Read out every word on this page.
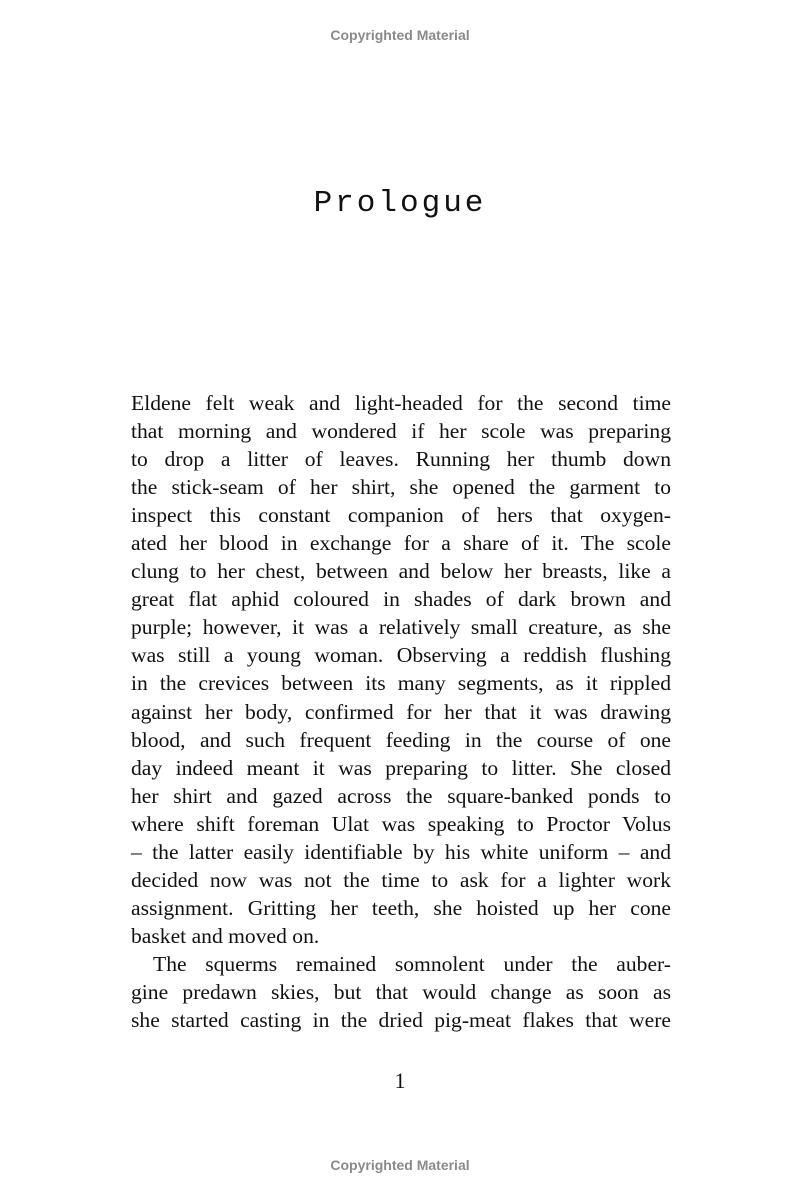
Copyrighted Material
Prologue
Eldene felt weak and light-headed for the second time
that morning and wondered if her scole was preparing
to drop a litter of leaves. Running her thumb down
the stick-seam of her shirt, she opened the garment to
inspect this constant companion of hers that oxygen-
ated her blood in exchange for a share of it. The scole
clung to her chest, between and below her breasts, like a
great flat aphid coloured in shades of dark brown and
purple; however, it was a relatively small creature, as she
was still a young woman. Observing a reddish flushing
in the crevices between its many segments, as it rippled
against her body, confirmed for her that it was drawing
blood, and such frequent feeding in the course of one
day indeed meant it was preparing to litter. She closed
her shirt and gazed across the square-banked ponds to
where shift foreman Ulat was speaking to Proctor Volus
– the latter easily identifiable by his white uniform – and
decided now was not the time to ask for a lighter work
assignment. Gritting her teeth, she hoisted up her cone
basket and moved on.
The squerms remained somnolent under the auber-
gine predawn skies, but that would change as soon as
she started casting in the dried pig-meat flakes that were
1
Copyrighted Material
